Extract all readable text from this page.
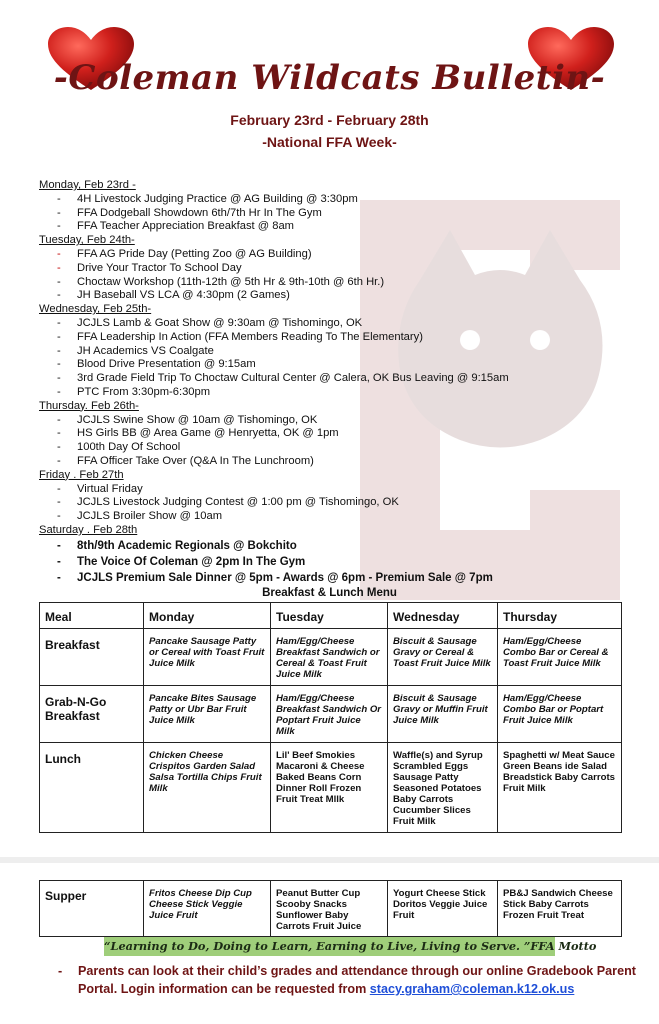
-Coleman Wildcats Bulletin-
February 23rd - February 28th
-National FFA Week-
Monday, Feb 23rd -
- 4H Livestock Judging Practice @ AG Building @ 3:30pm
- FFA Dodgeball Showdown 6th/7th Hr In The Gym
- FFA Teacher Appreciation Breakfast @ 8am
Tuesday, Feb 24th-
- FFA AG Pride Day (Petting Zoo @ AG Building)
- Drive Your Tractor To School Day
- Choctaw Workshop (11th-12th @ 5th Hr & 9th-10th @ 6th Hr.)
- JH Baseball VS LCA @ 4:30pm (2 Games)
Wednesday, Feb 25th-
- JCJLS Lamb & Goat Show @ 9:30am @ Tishomingo, OK
- FFA Leadership In Action (FFA Members Reading To The Elementary)
- JH Academics VS Coalgate
- Blood Drive Presentation @ 9:15am
- 3rd Grade Field Trip To Choctaw Cultural Center @ Calera, OK Bus Leaving @ 9:15am
- PTC From 3:30pm-6:30pm
Thursday. Feb 26th-
- JCJLS Swine Show @ 10am @ Tishomingo, OK
- HS Girls BB @ Area Game @ Henryetta, OK @ 1pm
- 100th Day Of School
- FFA Officer Take Over (Q&A In The Lunchroom)
Friday . Feb 27th
- Virtual Friday
- JCJLS Livestock Judging Contest @ 1:00 pm @ Tishomingo, OK
- JCJLS Broiler Show @ 10am
Saturday . Feb 28th
- 8th/9th Academic Regionals @ Bokchito
- The Voice Of Coleman @ 2pm In The Gym
- JCJLS Premium Sale Dinner @ 5pm - Awards @ 6pm - Premium Sale @ 7pm
Breakfast & Lunch Menu
Meal	Monday	Tuesday	Wednesday	Thursday
Breakfast	Pancake Sausage Patty or Cereal with Toast Fruit Juice Milk	Ham/Egg/Cheese Breakfast Sandwich or Cereal & Toast Fruit Juice Milk	Biscuit & Sausage Gravy or Cereal & Toast Fruit Juice Milk	Ham/Egg/Cheese Combo Bar or Cereal & Toast Fruit Juice Milk
Grab-N-Go Breakfast	Pancake Bites Sausage Patty or Ubr Bar Fruit Juice Milk	Ham/Egg/Cheese Breakfast Sandwich Or Poptart Fruit Juice Milk	Biscuit & Sausage Gravy or Muffin Fruit Juice Milk	Ham/Egg/Cheese Combo Bar or Poptart Fruit Juice Milk
Lunch	Chicken Cheese Crispitos Garden Salad Salsa Tortilla Chips Fruit Milk	Lil' Beef Smokies Macaroni & Cheese Baked Beans Corn Dinner Roll Frozen Fruit Treat Mllk	Waffle(s) and Syrup Scrambled Eggs Sausage Patty Seasoned Potatoes Baby Carrots Cucumber Slices Fruit Milk	Spaghetti w/ Meat Sauce Green Beans ide Salad Breadstick Baby Carrots Fruit Milk
Supper	Fritos Cheese Dip Cup Cheese Stick Veggie Juice Fruit	Peanut Butter Cup Scooby Snacks Sunflower Baby Carrots Fruit Juice	Yogurt Cheese Stick Doritos Veggie Juice Fruit	PB&J Sandwich Cheese Stick Baby Carrots Frozen Fruit Treat
“Learning to Do, Doing to Learn, Earning to Live, Living to Serve. ”FFA Motto
- Parents can look at their child’s grades and attendance through our online Gradebook Parent Portal. Login information can be requested from stacy.graham@coleman.k12.ok.us
